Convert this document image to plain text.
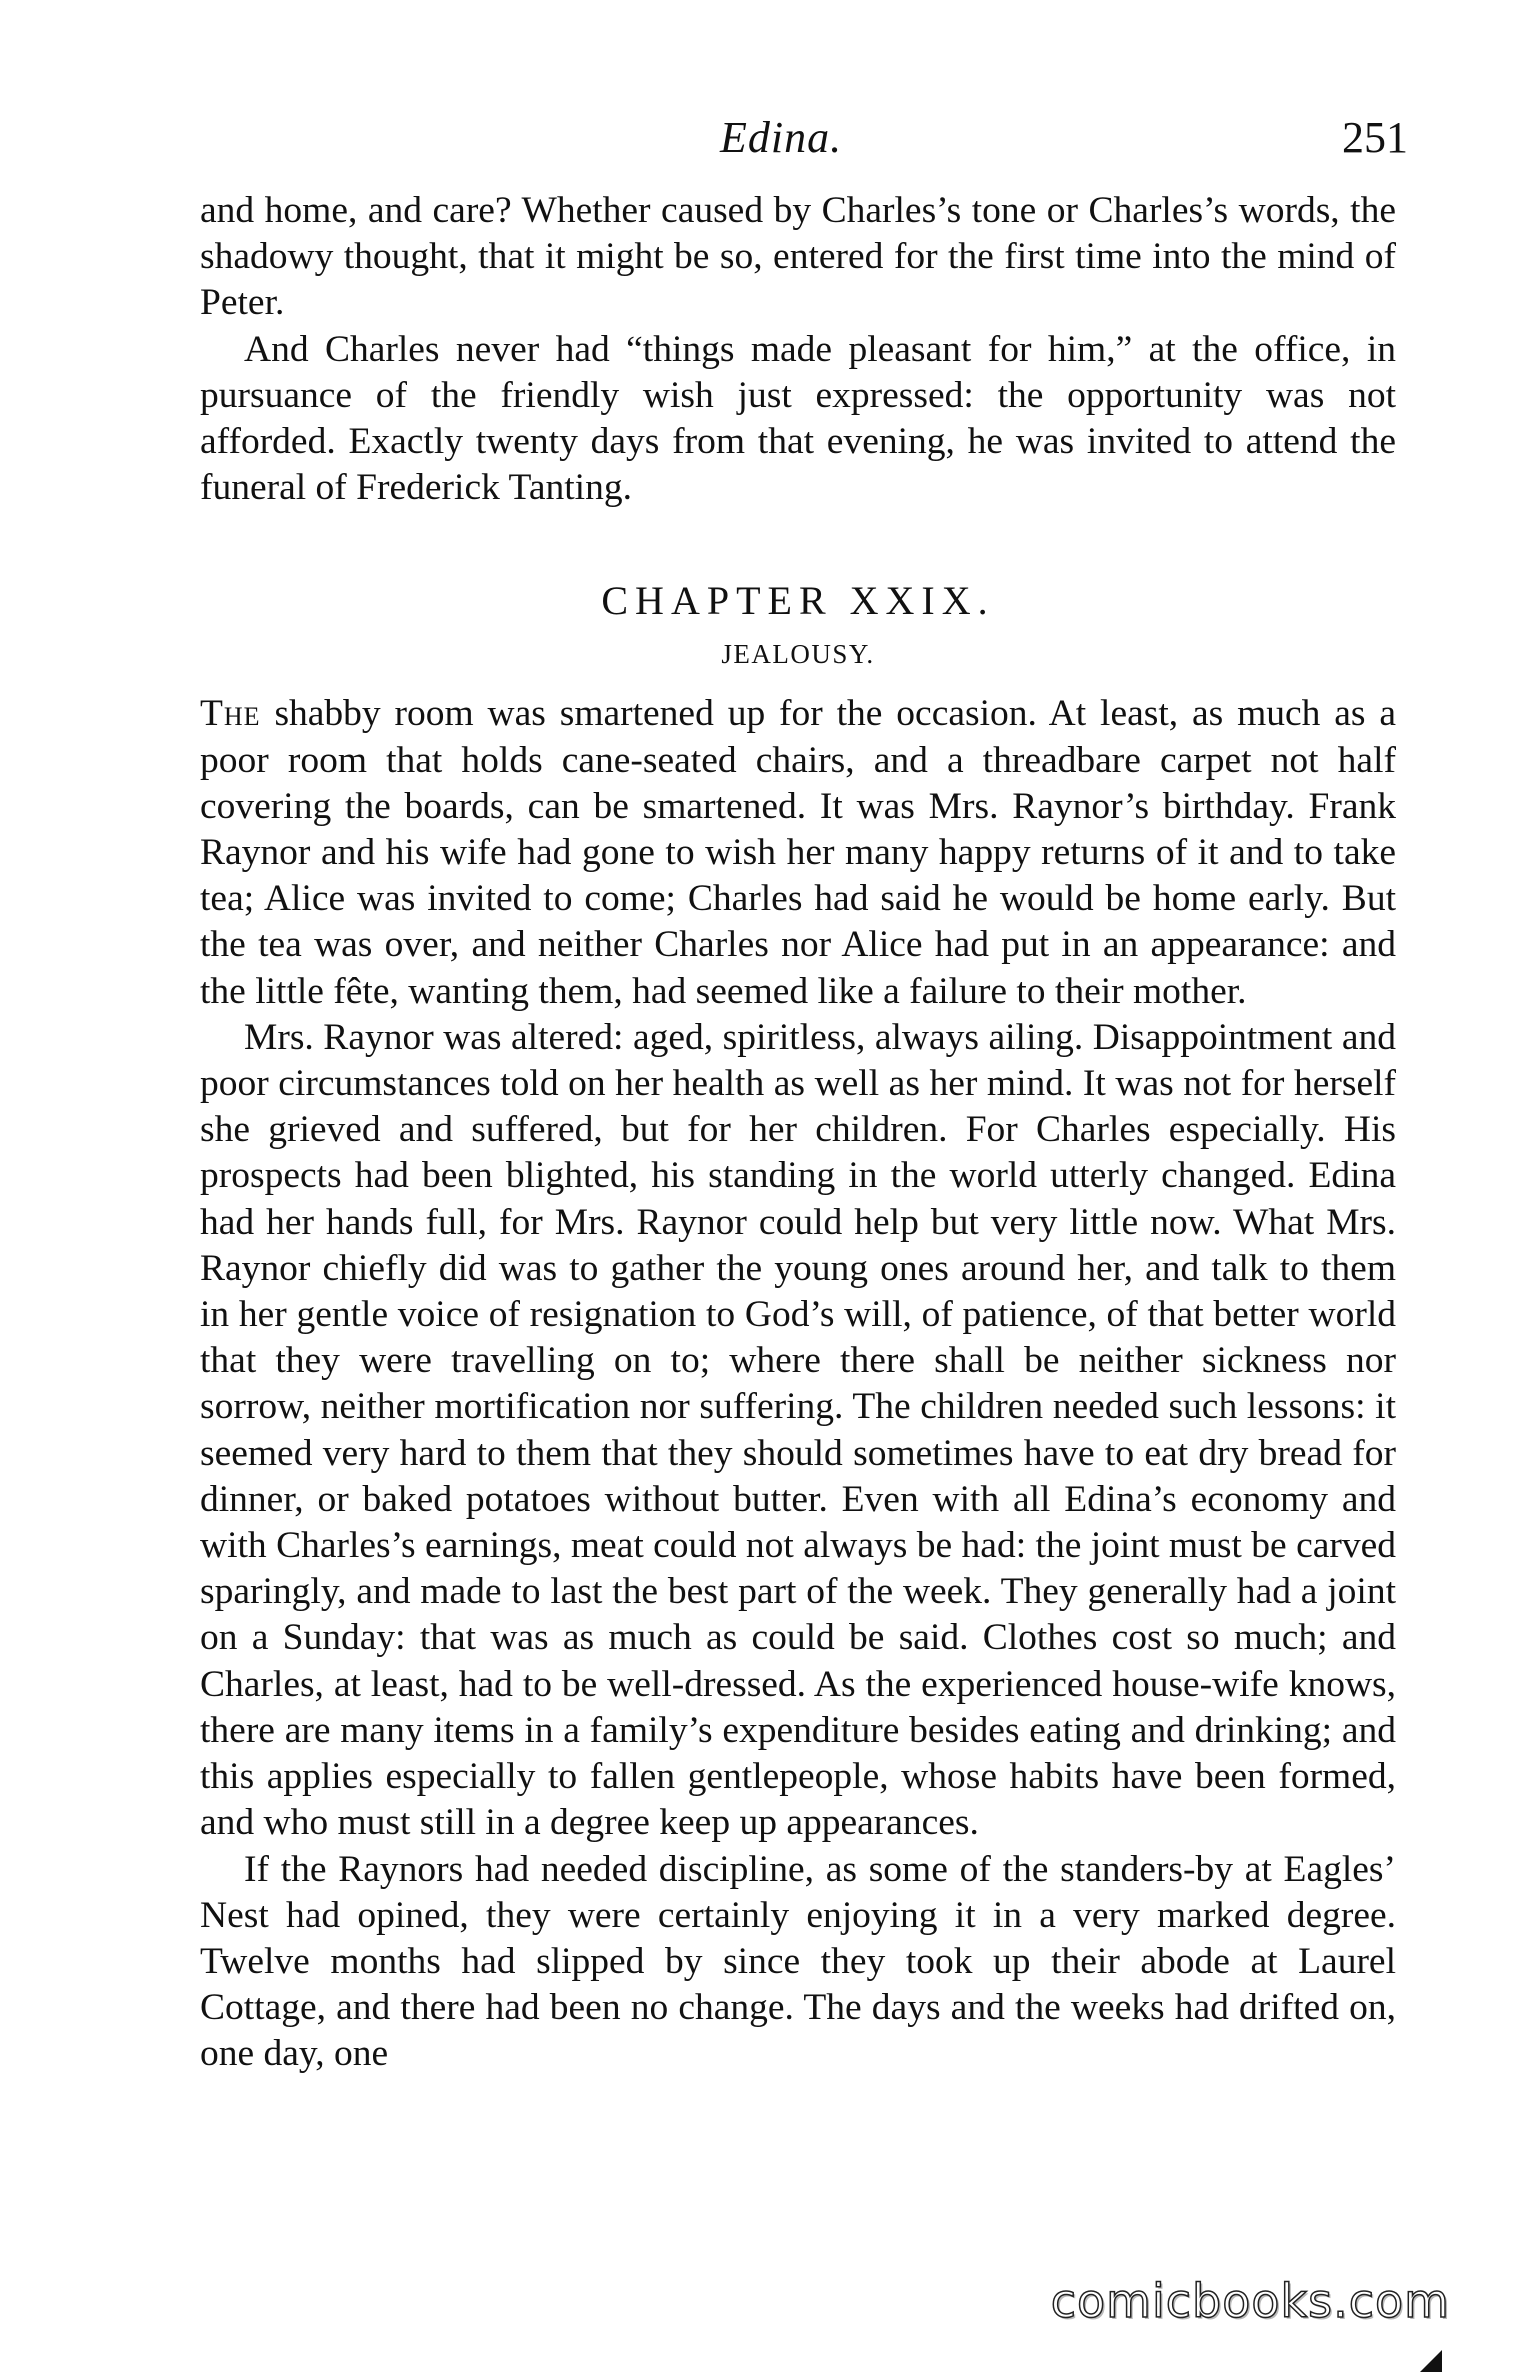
Edina.	251

and home, and care? Whether caused by Charles’s tone or Charles’s words, the shadowy thought, that it might be so, entered for the first time into the mind of Peter.

And Charles never had “things made pleasant for him,” at the office, in pursuance of the friendly wish just expressed: the opportunity was not afforded. Exactly twenty days from that evening, he was invited to attend the funeral of Frederick Tanting.

CHAPTER XXIX.

JEALOUSY.

The shabby room was smartened up for the occasion. At least, as much as a poor room that holds cane-seated chairs, and a threadbare carpet not half covering the boards, can be smartened. It was Mrs. Raynor’s birthday. Frank Raynor and his wife had gone to wish her many happy returns of it and to take tea; Alice was invited to come; Charles had said he would be home early. But the tea was over, and neither Charles nor Alice had put in an appearance: and the little fête, wanting them, had seemed like a failure to their mother.

Mrs. Raynor was altered: aged, spiritless, always ailing. Disappointment and poor circumstances told on her health as well as her mind. It was not for herself she grieved and suffered, but for her children. For Charles especially. His prospects had been blighted, his standing in the world utterly changed. Edina had her hands full, for Mrs. Raynor could help but very little now. What Mrs. Raynor chiefly did was to gather the young ones around her, and talk to them in her gentle voice of resignation to God’s will, of patience, of that better world that they were travelling on to; where there shall be neither sickness nor sorrow, neither mortification nor suffering. The children needed such lessons: it seemed very hard to them that they should sometimes have to eat dry bread for dinner, or baked potatoes without butter. Even with all Edina’s economy and with Charles’s earnings, meat could not always be had: the joint must be carved sparingly, and made to last the best part of the week. They generally had a joint on a Sunday: that was as much as could be said. Clothes cost so much; and Charles, at least, had to be well-dressed. As the experienced house-wife knows, there are many items in a family’s expenditure besides eating and drinking; and this applies especially to fallen gentlepeople, whose habits have been formed, and who must still in a degree keep up appearances.

If the Raynors had needed discipline, as some of the standers-by at Eagles’ Nest had opined, they were certainly enjoying it in a very marked degree. Twelve months had slipped by since they took up their abode at Laurel Cottage, and there had been no change. The days and the weeks had drifted on, one day, one

comicbooks.com
